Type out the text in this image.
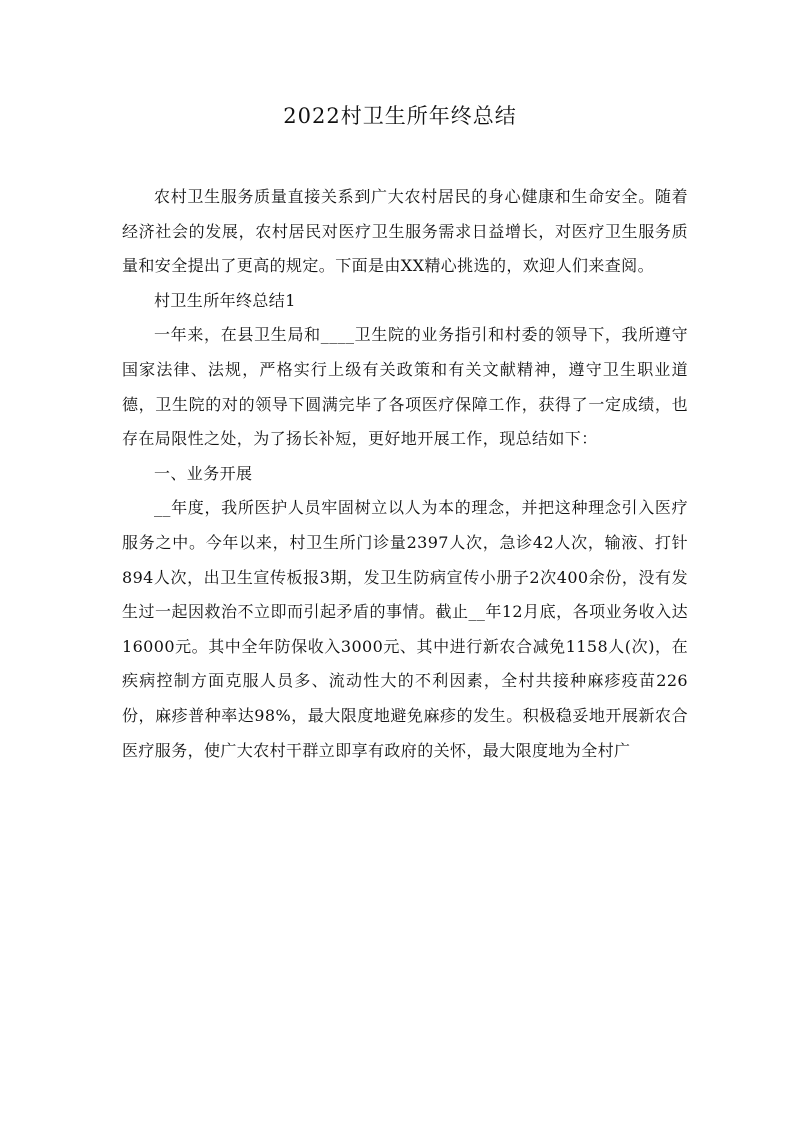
2022村卫生所年终总结

农村卫生服务质量直接关系到广大农村居民的身心健康和生命安全。随着经济社会的发展，农村居民对医疗卫生服务需求日益增长，对医疗卫生服务质量和安全提出了更高的规定。下面是由XX精心挑选的，欢迎人们来查阅。

村卫生所年终总结1

一年来，在县卫生局和____卫生院的业务指引和村委的领导下，我所遵守国家法律、法规，严格实行上级有关政策和有关文献精神，遵守卫生职业道德，卫生院的对的领导下圆满完毕了各项医疗保障工作，获得了一定成绩，也存在局限性之处，为了扬长补短，更好地开展工作，现总结如下：

一、业务开展

__年度，我所医护人员牢固树立以人为本的理念，并把这种理念引入医疗服务之中。今年以来，村卫生所门诊量2397人次，急诊42人次，输液、打针894人次，出卫生宣传板报3期，发卫生防病宣传小册子2次400余份，没有发生过一起因救治不立即而引起矛盾的事情。截止__年12月底，各项业务收入达16000元。其中全年防保收入3000元、其中进行新农合减免1158人(次)，在疾病控制方面克服人员多、流动性大的不利因素，全村共接种麻疹疫苗226份，麻疹普种率达98%，最大限度地避免麻疹的发生。积极稳妥地开展新农合医疗服务，使广大农村干群立即享有政府的关怀，最大限度地为全村广
